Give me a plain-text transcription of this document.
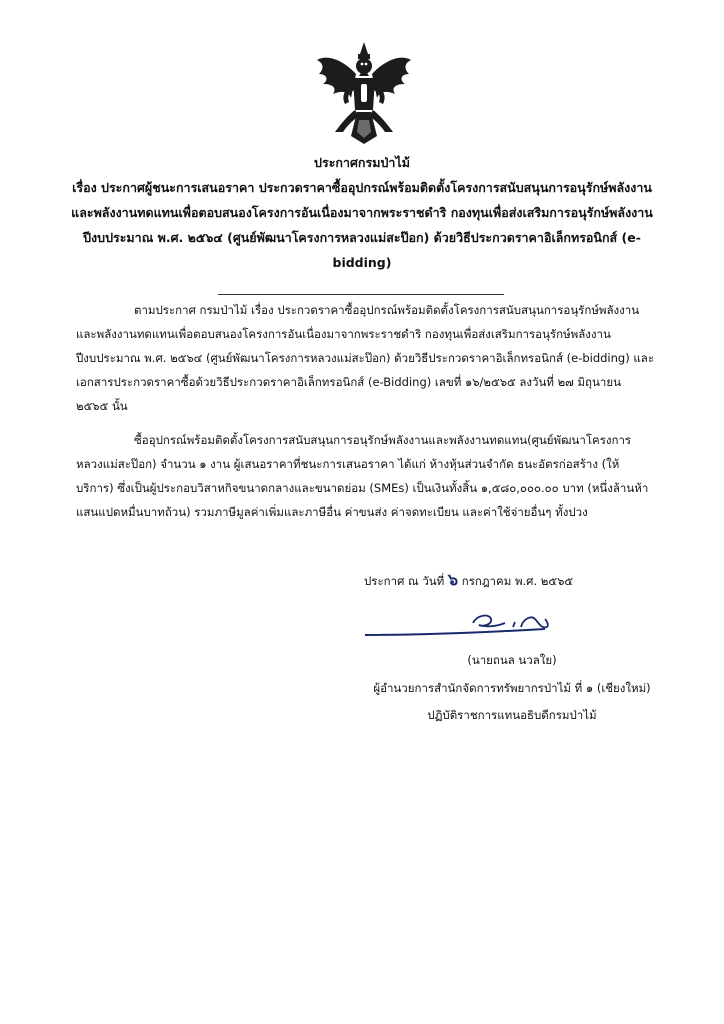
ประกาศกรมป่าไม้

เรื่อง ประกาศผู้ชนะการเสนอราคา ประกวดราคาซื้ออุปกรณ์พร้อมติดตั้งโครงการสนับสนุนการอนุรักษ์พลังงาน

และพลังงานทดแทนเพื่อตอบสนองโครงการอันเนื่องมาจากพระราชดำริ กองทุนเพื่อส่งเสริมการอนุรักษ์พลังงาน

ปีงบประมาณ พ.ศ. ๒๕๖๔ (ศูนย์พัฒนาโครงการหลวงแม่สะป๊อก) ด้วยวิธีประกวดราคาอิเล็กทรอนิกส์ (e-

bidding)

ตามประกาศ กรมป่าไม้ เรื่อง ประกวดราคาซื้ออุปกรณ์พร้อมติดตั้งโครงการสนับสนุนการอนุรักษ์พลังงานและพลังงานทดแทนเพื่อตอบสนองโครงการอันเนื่องมาจากพระราชดำริ กองทุนเพื่อส่งเสริมการอนุรักษ์พลังงาน ปีงบประมาณ พ.ศ. ๒๕๖๔ (ศูนย์พัฒนาโครงการหลวงแม่สะป๊อก) ด้วยวิธีประกวดราคาอิเล็กทรอนิกส์ (e-bidding) และเอกสารประกวดราคาซื้อด้วยวิธีประกวดราคาอิเล็กทรอนิกส์ (e-Bidding) เลขที่ ๑๖/๒๕๖๕ ลงวันที่ ๒๗ มิถุนายน ๒๕๖๕ นั้น

ซื้ออุปกรณ์พร้อมติดตั้งโครงการสนับสนุนการอนุรักษ์พลังงานและพลังงานทดแทน(ศูนย์พัฒนาโครงการหลวงแม่สะป๊อก) จำนวน ๑ งาน ผู้เสนอราคาที่ชนะการเสนอราคา ได้แก่ ห้างหุ้นส่วนจำกัด ธนะอัตรก่อสร้าง (ให้บริการ) ซึ่งเป็นผู้ประกอบวิสาหกิจขนาดกลางและขนาดย่อม (SMEs) เป็นเงินทั้งสิ้น ๑,๕๘๐,๐๐๐.๐๐ บาท (หนึ่งล้านห้าแสนแปดหมื่นบาทถ้วน) รวมภาษีมูลค่าเพิ่มและภาษีอื่น ค่าขนส่ง ค่าจดทะเบียน และค่าใช้จ่ายอื่นๆ ทั้งปวง

ประกาศ ณ วันที่ ๖ กรกฎาคม พ.ศ. ๒๕๖๕
(นายถนล นวลใย)
ผู้อำนวยการสำนักจัดการทรัพยากรป่าไม้ ที่ ๑ (เชียงใหม่)
ปฏิบัติราชการแทนอธิบดีกรมป่าไม้
